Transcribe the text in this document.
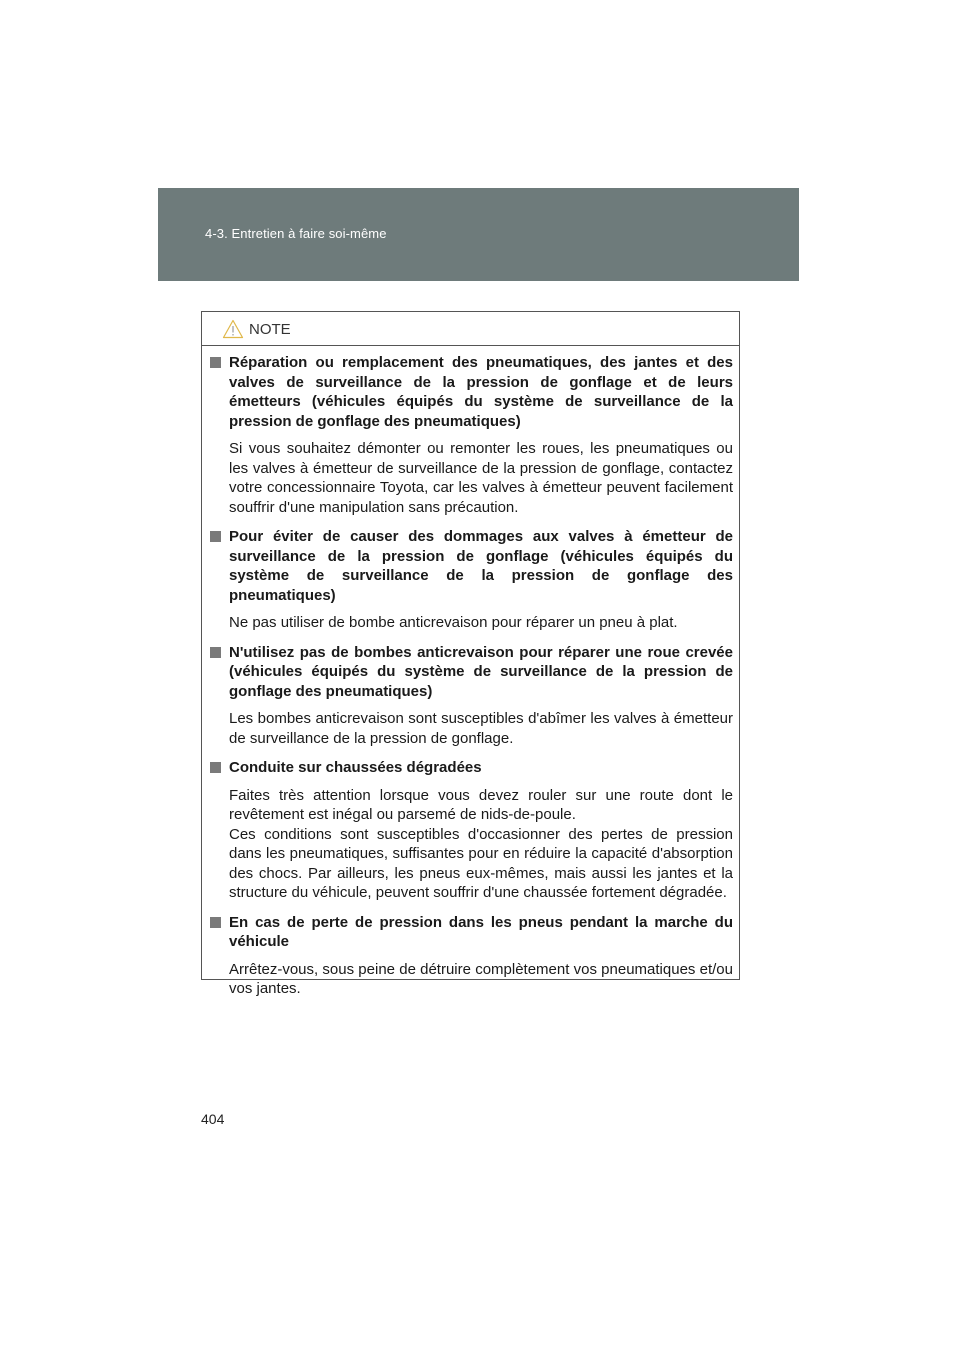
4-3. Entretien à faire soi-même
NOTE

Réparation ou remplacement des pneumatiques, des jantes et des valves de surveillance de la pression de gonflage et de leurs émetteurs (véhicules équipés du système de surveillance de la pression de gonflage des pneumatiques)

Si vous souhaitez démonter ou remonter les roues, les pneumatiques ou les valves à émetteur de surveillance de la pression de gonflage, contactez votre concessionnaire Toyota, car les valves à émetteur peuvent facilement souffrir d'une manipulation sans précaution.

Pour éviter de causer des dommages aux valves à émetteur de surveillance de la pression de gonflage (véhicules équipés du système de surveillance de la pression de gonflage des pneumatiques)

Ne pas utiliser de bombe anticrevaison pour réparer un pneu à plat.

N'utilisez pas de bombes anticrevaison pour réparer une roue crevée (véhicules équipés du système de surveillance de la pression de gonflage des pneumatiques)

Les bombes anticrevaison sont susceptibles d'abîmer les valves à émetteur de surveillance de la pression de gonflage.

Conduite sur chaussées dégradées

Faites très attention lorsque vous devez rouler sur une route dont le revêtement est inégal ou parsemé de nids-de-poule.

Ces conditions sont susceptibles d'occasionner des pertes de pression dans les pneumatiques, suffisantes pour en réduire la capacité d'absorption des chocs. Par ailleurs, les pneus eux-mêmes, mais aussi les jantes et la structure du véhicule, peuvent souffrir d'une chaussée fortement dégradée.

En cas de perte de pression dans les pneus pendant la marche du véhicule

Arrêtez-vous, sous peine de détruire complètement vos pneumatiques et/ou vos jantes.

404
